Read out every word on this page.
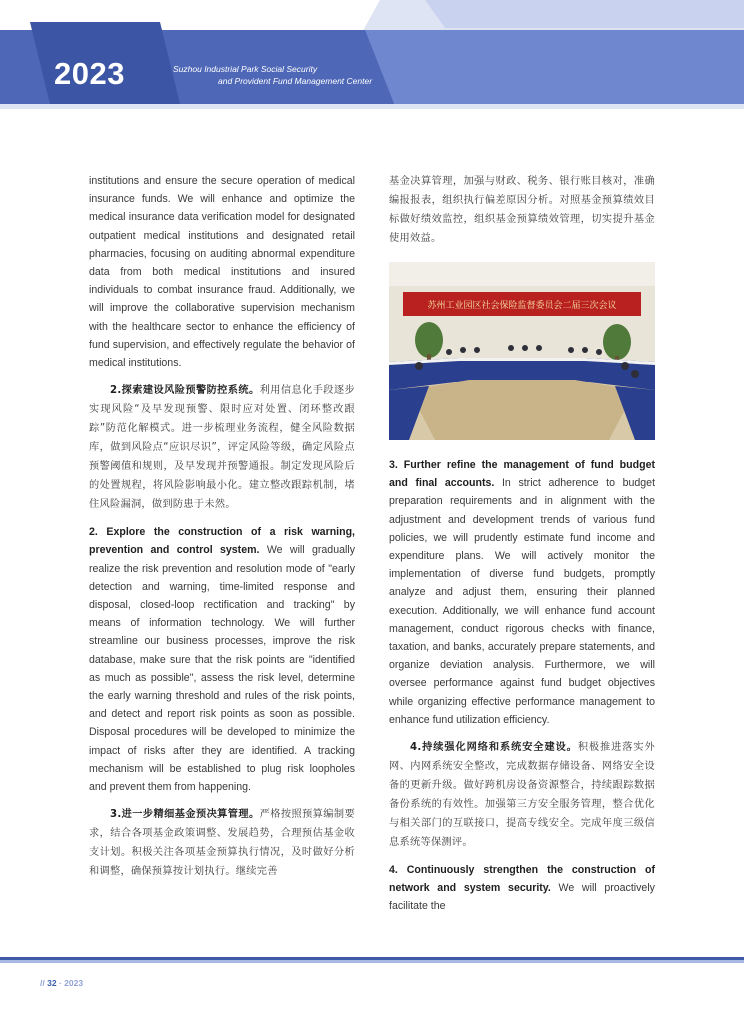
2023	Suzhou Industrial Park Social Security
and Provident Fund Management Center

institutions and ensure the secure operation of medical insurance funds. We will enhance and optimize the medical insurance data verification model for designated outpatient medical institutions and designated retail pharmacies, focusing on auditing abnormal expenditure data from both medical institutions and insured individuals to combat insurance fraud. Additionally, we will improve the collaborative supervision mechanism with the healthcare sector to enhance the efficiency of fund supervision, and effectively regulate the behavior of medical institutions.

2.探索建设风险预警防控系统。利用信息化手段逐步实现风险“及早发现预警、限时应对处置、闭环整改跟踪”防范化解模式。进一步梳理业务流程，健全风险数据库，做到风险点“应识尽识”，评定风险等级，确定风险点预警阈值和规则，及早发现并预警通报。制定发现风险后的处置规程，将风险影响最小化。建立整改跟踪机制，堵住风险漏洞，做到防患于未然。

2. Explore the construction of a risk warning, prevention and control system. We will gradually realize the risk prevention and resolution mode of "early detection and warning, time-limited response and disposal, closed-loop rectification and tracking" by means of information technology. We will further streamline our business processes, improve the risk database, make sure that the risk points are "identified as much as possible", assess the risk level, determine the early warning threshold and rules of the risk points, and detect and report risk points as soon as possible. Disposal procedures will be developed to minimize the impact of risks after they are identified. A tracking mechanism will be established to plug risk loopholes and prevent them from happening.

3.进一步精细基金预决算管理。严格按照预算编制要求，结合各项基金政策调整、发展趋势，合理预估基金收支计划。积极关注各项基金预算执行情况，及时做好分析和调整，确保预算按计划执行。继续完善

基金决算管理，加强与财政、税务、银行账目核对，准确编报报表，组织执行偏差原因分析。对照基金预算绩效目标做好绩效监控，组织基金预算绩效管理，切实提升基金使用效益。

苏州工业园区社会保险监督委员会二届三次会议

3. Further refine the management of fund budget and final accounts. In strict adherence to budget preparation requirements and in alignment with the adjustment and development trends of various fund policies, we will prudently estimate fund income and expenditure plans. We will actively monitor the implementation of diverse fund budgets, promptly analyze and adjust them, ensuring their planned execution. Additionally, we will enhance fund account management, conduct rigorous checks with finance, taxation, and banks, accurately prepare statements, and organize deviation analysis. Furthermore, we will oversee performance against fund budget objectives while organizing effective performance management to enhance fund utilization efficiency.

4.持续强化网络和系统安全建设。积极推进落实外网、内网系统安全整改，完成数据存储设备、网络安全设备的更新升级。做好跨机房设备资源整合，持续跟踪数据备份系统的有效性。加强第三方安全服务管理，整合优化与相关部门的互联接口，提高专线安全。完成年度三级信息系统等保测评。

4. Continuously strengthen the construction of network and system security. We will proactively facilitate the

// 32 · 2023
